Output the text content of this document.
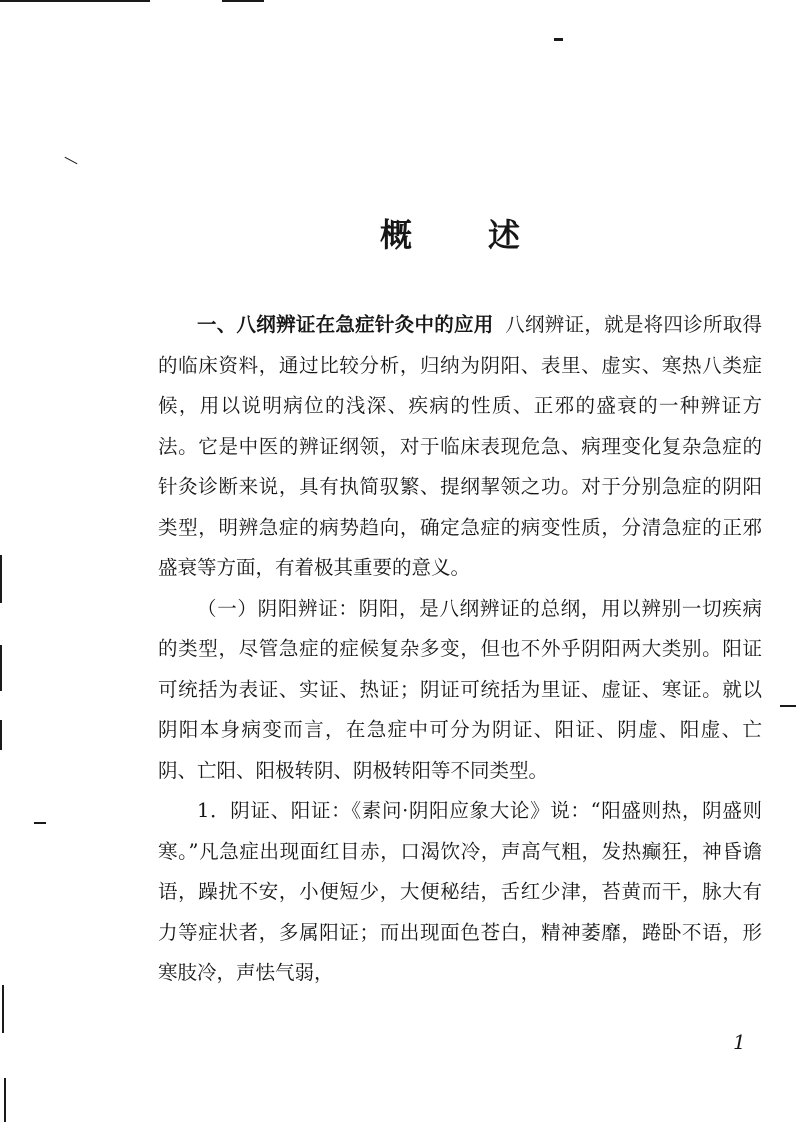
概 述

一、八纲辨证在急症针灸中的应用 八纲辨证，就是将四诊所取得的临床资料，通过比较分析，归纳为阴阳、表里、虚实、寒热八类症候，用以说明病位的浅深、疾病的性质、正邪的盛衰的一种辨证方法。它是中医的辨证纲领，对于临床表现危急、病理变化复杂急症的针灸诊断来说，具有执简驭繁、提纲挈领之功。对于分别急症的阴阳类型，明辨急症的病势趋向，确定急症的病变性质，分清急症的正邪盛衰等方面，有着极其重要的意义。

（一）阴阳辨证：阴阳，是八纲辨证的总纲，用以辨别一切疾病的类型，尽管急症的症候复杂多变，但也不外乎阴阳两大类别。阳证可统括为表证、实证、热证；阴证可统括为里证、虚证、寒证。就以阴阳本身病变而言，在急症中可分为阴证、阳证、阴虚、阳虚、亡阴、亡阳、阳极转阴、阴极转阳等不同类型。

1．阴证、阳证：《素问·阴阳应象大论》说：“阳盛则热，阴盛则寒。”凡急症出现面红目赤，口渴饮冷，声高气粗，发热癫狂，神昏谵语，躁扰不安，小便短少，大便秘结，舌红少津，苔黄而干，脉大有力等症状者，多属阳证；而出现面色苍白，精神萎靡，踡卧不语，形寒肢冷，声怯气弱，

1
